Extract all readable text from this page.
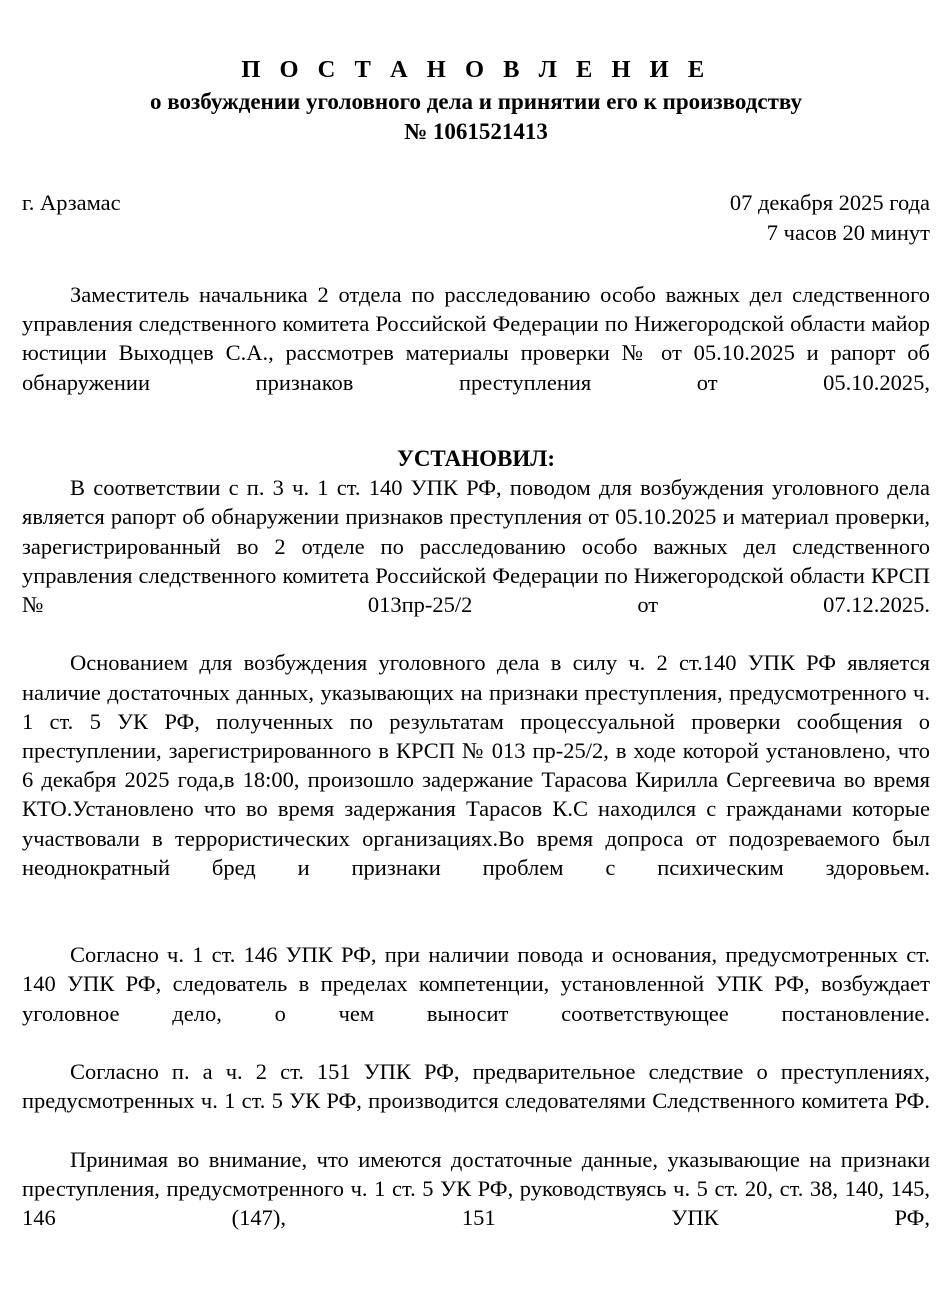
П О С Т А Н О В Л Е Н И Е
о возбуждении уголовного дела и принятии его к производству
№ 1061521413
г. Арзамас	07 декабря 2025 года
7 часов 20 минут

Заместитель начальника 2 отдела по расследованию особо важных дел следственного управления следственного комитета Российской Федерации по Нижегородской области майор юстиции Выходцев С.А., рассмотрев материалы проверки № от 05.10.2025 и рапорт об обнаружении признаков преступления от 05.10.2025,

УСТАНОВИЛ:

В соответствии с п. 3 ч. 1 ст. 140 УПК РФ, поводом для возбуждения уголовного дела является рапорт об обнаружении признаков преступления от 05.10.2025 и материал проверки, зарегистрированный во 2 отделе по расследованию особо важных дел следственного управления следственного комитета Российской Федерации по Нижегородской области КРСП № 013пр-25/2 от 07.12.2025.

Основанием для возбуждения уголовного дела в силу ч. 2 ст.140 УПК РФ является наличие достаточных данных, указывающих на признаки преступления, предусмотренного ч. 1 ст. 5 УК РФ, полученных по результатам процессуальной проверки сообщения о преступлении, зарегистрированного в КРСП № 013 пр-25/2, в ходе которой установлено, что 6 декабря 2025 года,в 18:00, произошло задержание Тарасова Кирилла Сергеевича во время КТО.Установлено что во время задержания Тарасов К.С находился с гражданами которые участвовали в террористических организациях.Во время допроса от подозреваемого был неоднократный бред и признаки проблем с психическим здоровьем.

Согласно ч. 1 ст. 146 УПК РФ, при наличии повода и основания, предусмотренных ст. 140 УПК РФ, следователь в пределах компетенции, установленной УПК РФ, возбуждает уголовное дело, о чем выносит соответствующее постановление.

Согласно п. а ч. 2 ст. 151 УПК РФ, предварительное следствие о преступлениях, предусмотренных ч. 1 ст. 5 УК РФ, производится следователями Следственного комитета РФ.

Принимая во внимание, что имеются достаточные данные, указывающие на признаки преступления, предусмотренного ч. 1 ст. 5 УК РФ, руководствуясь ч. 5 ст. 20, ст. 38, 140, 145, 146 (147), 151 УПК РФ,
